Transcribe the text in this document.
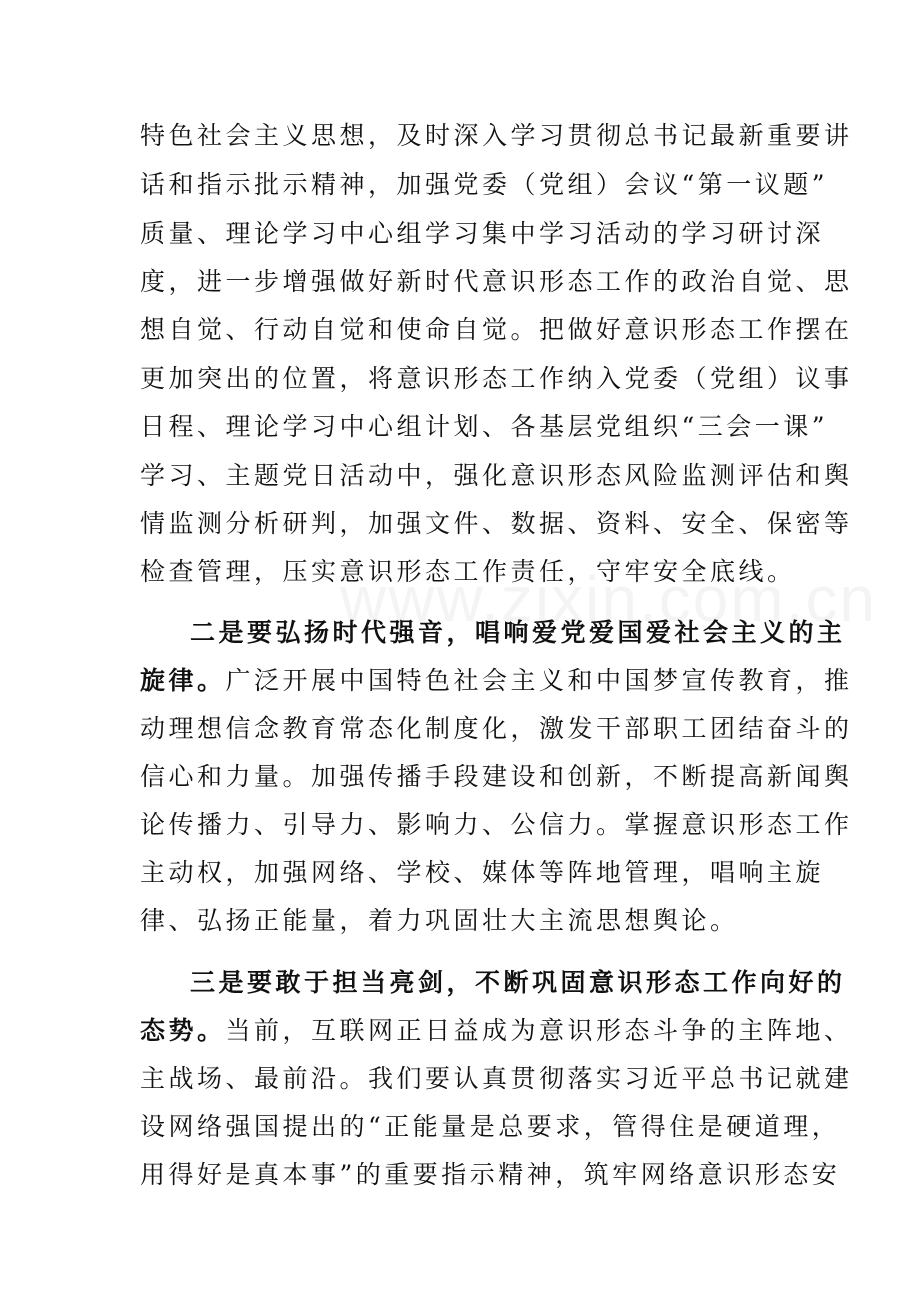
特色社会主义思想，及时深入学习贯彻总书记最新重要讲
话和指示批示精神，加强党委（党组）会议“第一议题”
质量、理论学习中心组学习集中学习活动的学习研讨深
度，进一步增强做好新时代意识形态工作的政治自觉、思
想自觉、行动自觉和使命自觉。把做好意识形态工作摆在
更加突出的位置，将意识形态工作纳入党委（党组）议事
日程、理论学习中心组计划、各基层党组织“三会一课”
学习、主题党日活动中，强化意识形态风险监测评估和舆
情监测分析研判，加强文件、数据、资料、安全、保密等
检查管理，压实意识形态工作责任，守牢安全底线。
二是要弘扬时代强音，唱响爱党爱国爱社会主义的主
旋律。广泛开展中国特色社会主义和中国梦宣传教育，推
动理想信念教育常态化制度化，激发干部职工团结奋斗的
信心和力量。加强传播手段建设和创新，不断提高新闻舆
论传播力、引导力、影响力、公信力。掌握意识形态工作
主动权，加强网络、学校、媒体等阵地管理，唱响主旋
律、弘扬正能量，着力巩固壮大主流思想舆论。
三是要敢于担当亮剑，不断巩固意识形态工作向好的
态势。当前，互联网正日益成为意识形态斗争的主阵地、
主战场、最前沿。我们要认真贯彻落实习近平总书记就建
设网络强国提出的“正能量是总要求，管得住是硬道理，
用得好是真本事”的重要指示精神，筑牢网络意识形态安
